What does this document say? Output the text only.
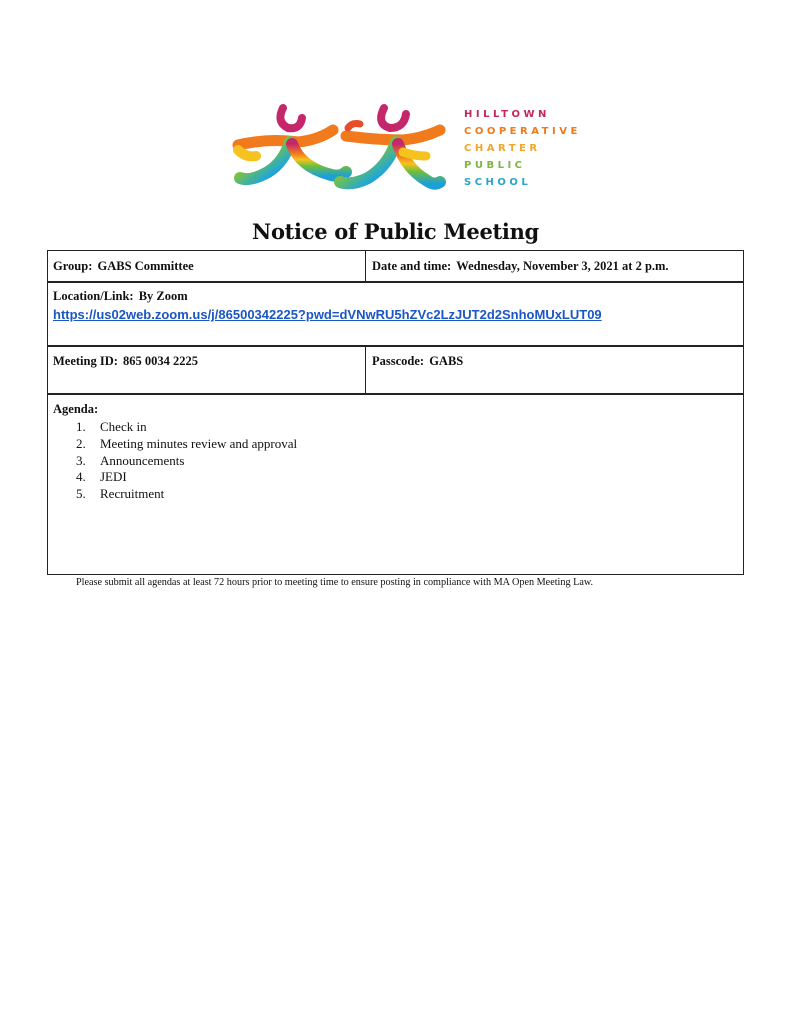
HILLTOWN
COOPERATIVE
CHARTER
PUBLIC
SCHOOL
Notice of Public Meeting
Group: GABS Committee	Date and time: Wednesday, November 3, 2021 at 2 p.m.
Location/Link: By Zoom
https://us02web.zoom.us/j/86500342225?pwd=dVNwRU5hZVc2LzJUT2d2SnhoMUxLUT09
Meeting ID: 865 0034 2225	Passcode: GABS
Agenda:
1. Check in
2. Meeting minutes review and approval
3. Announcements
4. JEDI
5. Recruitment
Please submit all agendas at least 72 hours prior to meeting time to ensure posting in compliance with MA Open Meeting Law.
